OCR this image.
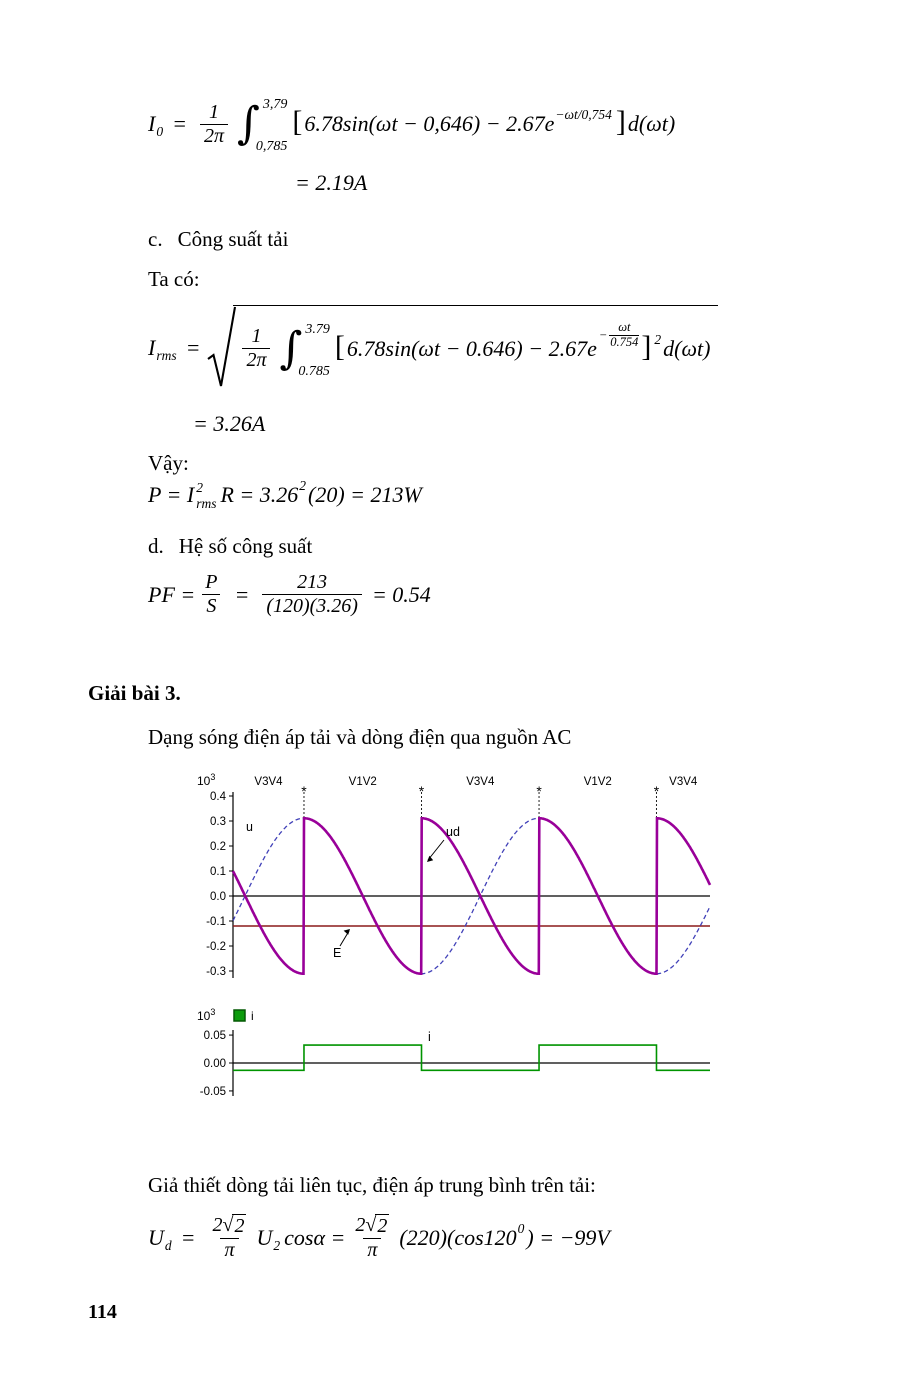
I $0 = \frac{1}{2\pi}$ ∫ 3,79
0,785
[ 6.78sin(ωt − 0,646) − 2.67e −ωt/0,754 ] d(ωt)
= 2.19A
c. Công suất tải
Ta có:
I rms = $\frac{1}{2\pi}$ ∫ 3.79
0.785
[ 6.78sin(ωt − 0.646) − 2.67e
− $\frac{\omega t}{0.754}$ ] 2 d(ωt)
= 3.26A
Vậy:
P = I 2
rms R = 3.26 2 (20) = 213W
d. Hệ số công suất
PF = $\frac{P}{S} = \frac{213}{(120)(3.26)} = 0.54$
Giải bài 3.
Dạng sóng điện áp tải và dòng điện qua nguồn AC
V3V4	V1V2	V3V4	V1V2	V3V4
*	*	*	*
0.4
0.3
0.2
0.1
0.0
-0.1
-0.2
-0.3
u	ud
E
$10^3$
0.05
0.00
-0.05
i
i
$10^3$
Giả thiết dòng tải liên tục, điện áp trung bình trên tải:
U $d = \frac{2 √ 2}{\pi}$ U 2 $\cos\alpha = \frac{2 √ 2}{\pi} (220)(\cos 120$ 0 ) = −99V
114
